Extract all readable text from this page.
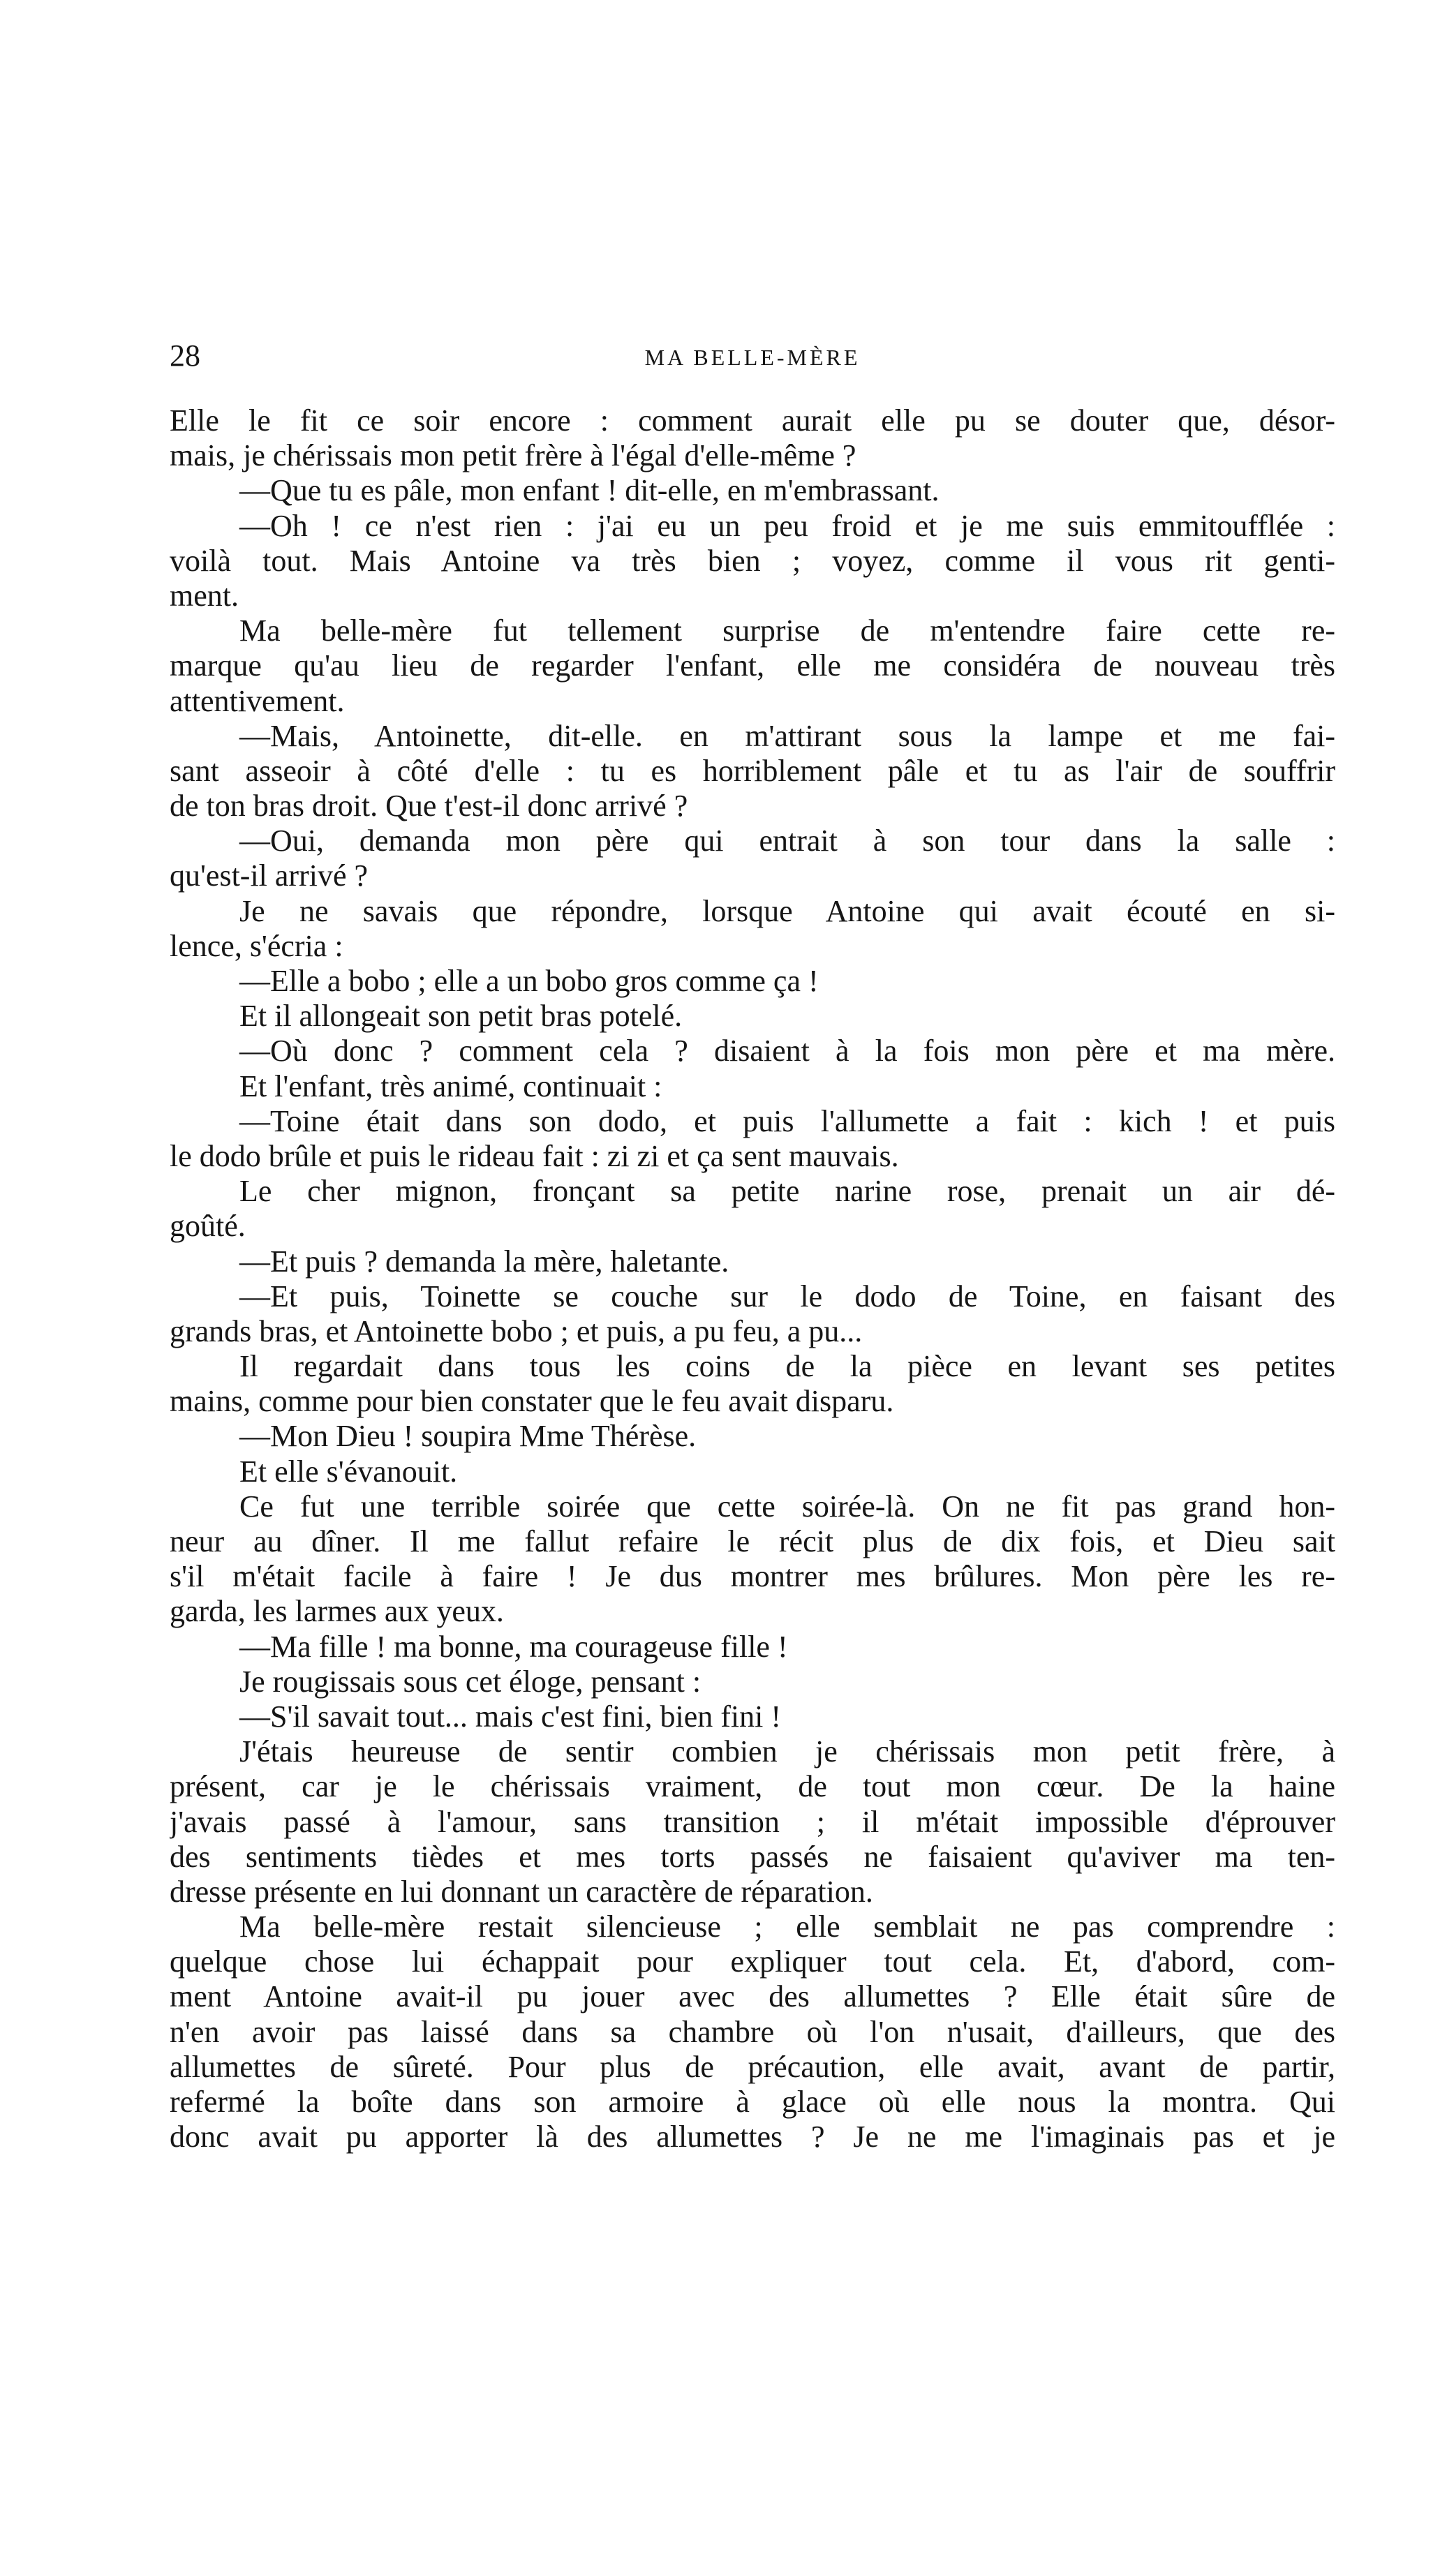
28	MA BELLE-MÈRE
Elle le fit ce soir encore : comment aurait elle pu se douter que, désor-
mais, je chérissais mon petit frère à l'égal d'elle-même ?
—Que tu es pâle, mon enfant ! dit-elle, en m'embrassant.
—Oh ! ce n'est rien : j'ai eu un peu froid et je me suis emmitoufflée :
voilà tout. Mais Antoine va très bien ; voyez, comme il vous rit genti-
ment.
Ma belle-mère fut tellement surprise de m'entendre faire cette re-
marque qu'au lieu de regarder l'enfant, elle me considéra de nouveau très
attentivement.
—Mais, Antoinette, dit-elle. en m'attirant sous la lampe et me fai-
sant asseoir à côté d'elle : tu es horriblement pâle et tu as l'air de souffrir
de ton bras droit. Que t'est-il donc arrivé ?
—Oui, demanda mon père qui entrait à son tour dans la salle :
qu'est-il arrivé ?
Je ne savais que répondre, lorsque Antoine qui avait écouté en si-
lence, s'écria :
—Elle a bobo ; elle a un bobo gros comme ça !
Et il allongeait son petit bras potelé.
—Où donc ? comment cela ? disaient à la fois mon père et ma mère.
Et l'enfant, très animé, continuait :
—Toine était dans son dodo, et puis l'allumette a fait : kich ! et puis
le dodo brûle et puis le rideau fait : zi zi et ça sent mauvais.
Le cher mignon, fronçant sa petite narine rose, prenait un air dé-
goûté.
—Et puis ? demanda la mère, haletante.
—Et puis, Toinette se couche sur le dodo de Toine, en faisant des
grands bras, et Antoinette bobo ; et puis, a pu feu, a pu...
Il regardait dans tous les coins de la pièce en levant ses petites
mains, comme pour bien constater que le feu avait disparu.
—Mon Dieu ! soupira Mme Thérèse.
Et elle s'évanouit.
Ce fut une terrible soirée que cette soirée-là. On ne fit pas grand hon-
neur au dîner. Il me fallut refaire le récit plus de dix fois, et Dieu sait
s'il m'était facile à faire ! Je dus montrer mes brûlures. Mon père les re-
garda, les larmes aux yeux.
—Ma fille ! ma bonne, ma courageuse fille !
Je rougissais sous cet éloge, pensant :
—S'il savait tout... mais c'est fini, bien fini !
J'étais heureuse de sentir combien je chérissais mon petit frère, à
présent, car je le chérissais vraiment, de tout mon cœur. De la haine
j'avais passé à l'amour, sans transition ; il m'était impossible d'éprouver
des sentiments tièdes et mes torts passés ne faisaient qu'aviver ma ten-
dresse présente en lui donnant un caractère de réparation.
Ma belle-mère restait silencieuse ; elle semblait ne pas comprendre :
quelque chose lui échappait pour expliquer tout cela. Et, d'abord, com-
ment Antoine avait-il pu jouer avec des allumettes ? Elle était sûre de
n'en avoir pas laissé dans sa chambre où l'on n'usait, d'ailleurs, que des
allumettes de sûreté. Pour plus de précaution, elle avait, avant de partir,
refermé la boîte dans son armoire à glace où elle nous la montra. Qui
donc avait pu apporter là des allumettes ? Je ne me l'imaginais pas et je
